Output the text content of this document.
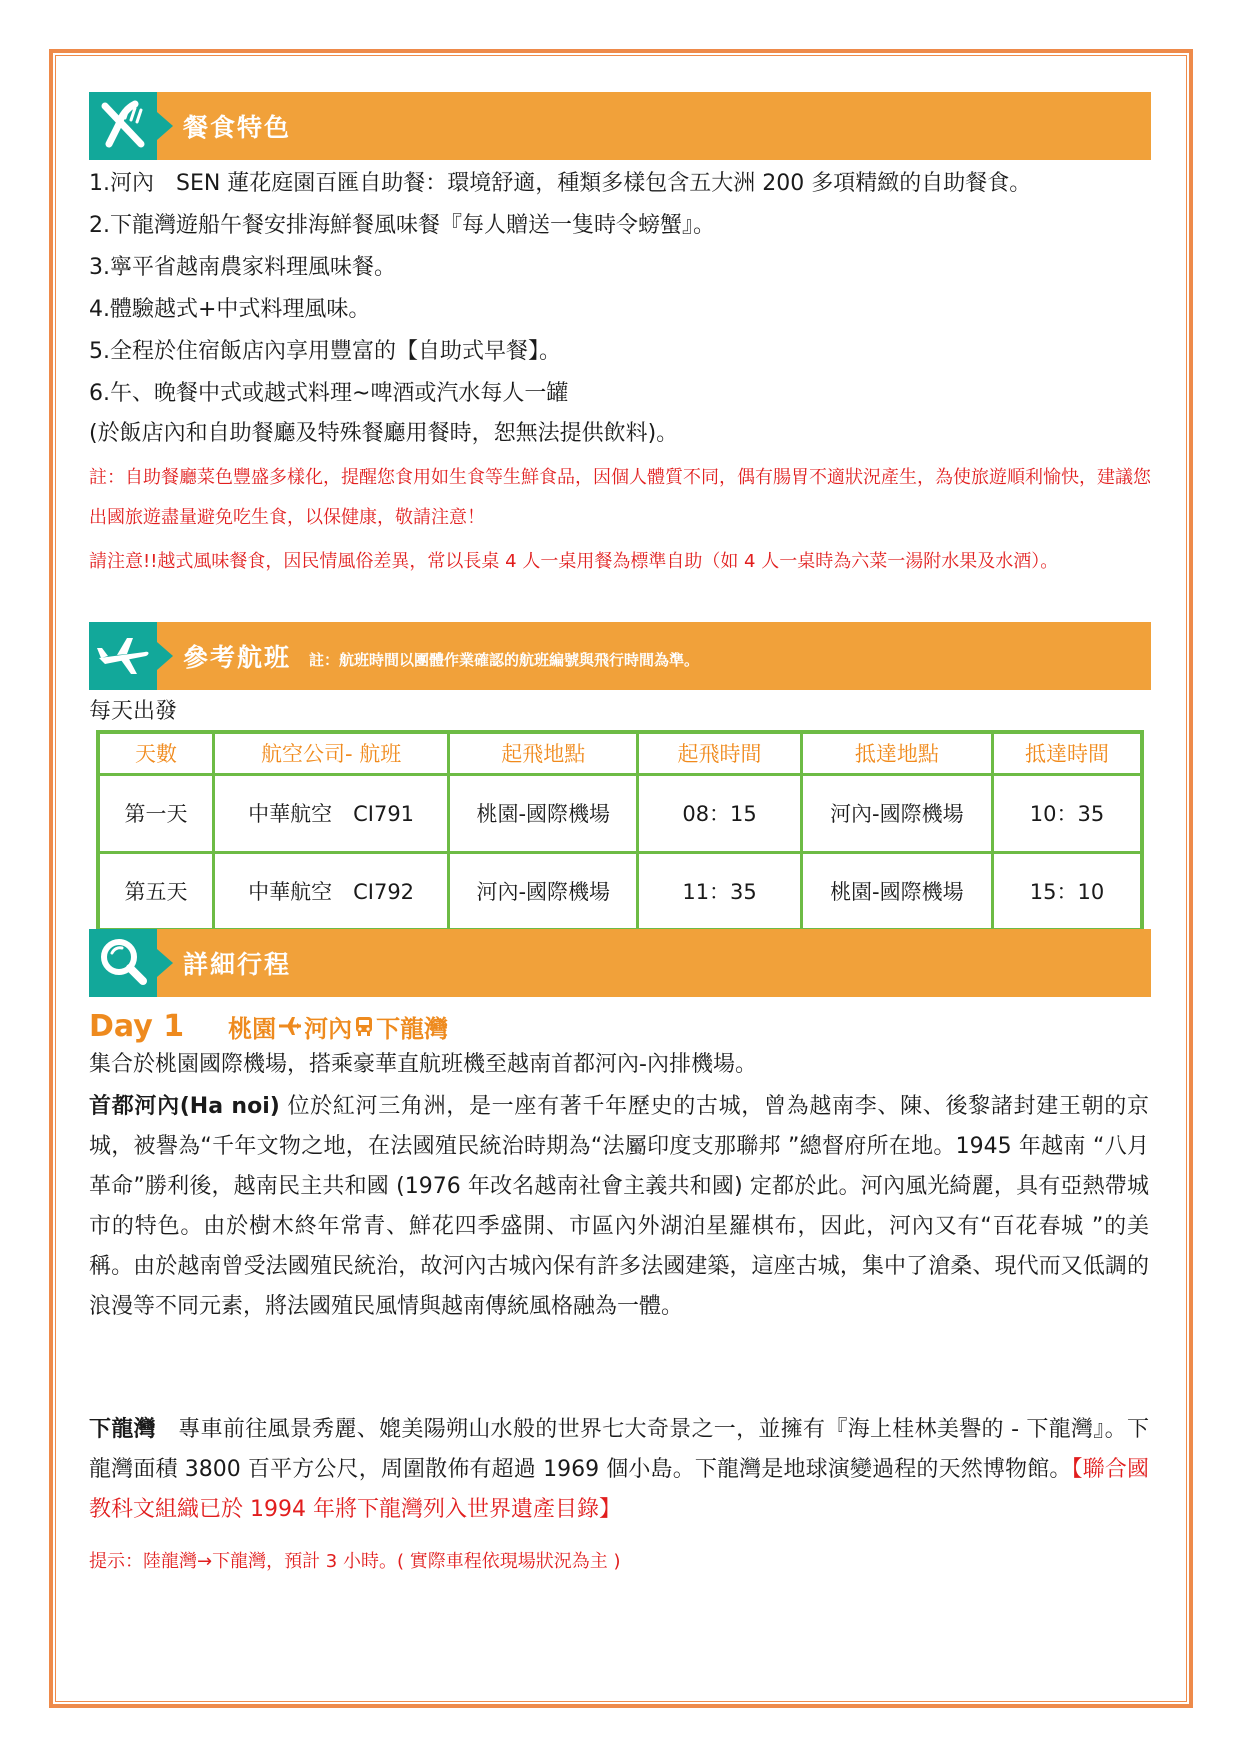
餐食特色
1.河內　SEN 蓮花庭園百匯自助餐：環境舒適，種類多樣包含五大洲 200 多項精緻的自助餐食。
2.下龍灣遊船午餐安排海鮮餐風味餐『每人贈送一隻時令螃蟹』。
3.寧平省越南農家料理風味餐。
4.體驗越式+中式料理風味。
5.全程於住宿飯店內享用豐富的【自助式早餐】。
6.午、晚餐中式或越式料理~啤酒或汽水每人一罐
(於飯店內和自助餐廳及特殊餐廳用餐時，恕無法提供飲料)。
註：自助餐廳菜色豐盛多樣化，提醒您食用如生食等生鮮食品，因個人體質不同，偶有腸胃不適狀況產生，為使旅遊順利愉快，建議您出國旅遊盡量避免吃生食，以保健康，敬請注意！
請注意!!越式風味餐食，因民情風俗差異，常以長桌 4 人一桌用餐為標準自助（如 4 人一桌時為六菜一湯附水果及水酒）。
參考航班 註：航班時間以團體作業確認的航班編號與飛行時間為準。
每天出發
天數	航空公司- 航班	起飛地點	起飛時間	抵達地點	抵達時間
第一天	中華航空　CI791	桃園-國際機場	08：15	河內-國際機場	10：35
第五天	中華航空　CI792	河內-國際機場	11：35	桃園-國際機場	15：10
詳細行程
Day 1 桃園 河內 下龍灣
集合於桃園國際機場，搭乘豪華直航班機至越南首都河內-內排機場。
首都河內(Ha noi) 位於紅河三角洲，是一座有著千年歷史的古城，曾為越南李、陳、後黎諸封建王朝的京城，被譽為“千年文物之地，在法國殖民統治時期為“法屬印度支那聯邦 ”總督府所在地。1945 年越南 “八月革命”勝利後，越南民主共和國 (1976 年改名越南社會主義共和國) 定都於此。河內風光綺麗，具有亞熱帶城市的特色。由於樹木終年常青、鮮花四季盛開、市區內外湖泊星羅棋布，因此，河內又有“百花春城 ”的美稱。由於越南曾受法國殖民統治，故河內古城內保有許多法國建築，這座古城，集中了滄桑、現代而又低調的浪漫等不同元素，將法國殖民風情與越南傳統風格融為一體。
下龍灣　專車前往風景秀麗、媲美陽朔山水般的世界七大奇景之一，並擁有『海上桂林美譽的 - 下龍灣』。下龍灣面積 3800 百平方公尺，周圍散佈有超過 1969 個小島。下龍灣是地球演變過程的天然博物館。【聯合國教科文組織已於 1994 年將下龍灣列入世界遺產目錄】
提示：陸龍灣→下龍灣，預計 3 小時。( 實際車程依現場狀況為主 )
